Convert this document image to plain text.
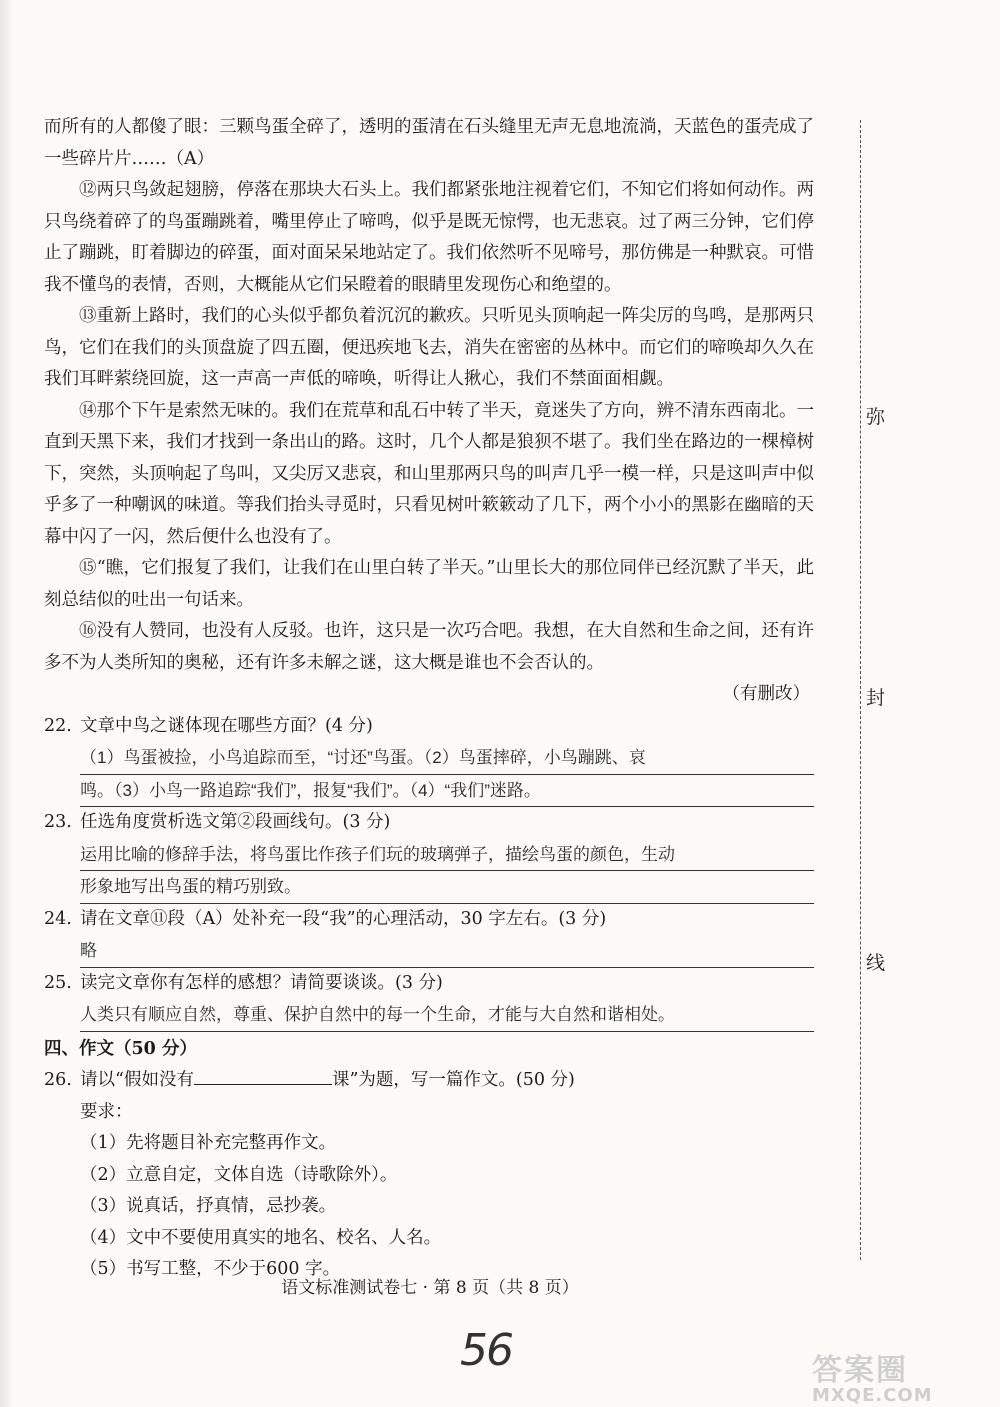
而所有的人都傻了眼：三颗鸟蛋全碎了，透明的蛋清在石头缝里无声无息地流淌，天蓝色的蛋壳成了一些碎片片……（A）

⑫两只鸟敛起翅膀，停落在那块大石头上。我们都紧张地注视着它们，不知它们将如何动作。两只鸟绕着碎了的鸟蛋蹦跳着，嘴里停止了啼鸣，似乎是既无惊愕，也无悲哀。过了两三分钟，它们停止了蹦跳，盯着脚边的碎蛋，面对面呆呆地站定了。我们依然听不见啼号，那仿佛是一种默哀。可惜我不懂鸟的表情，否则，大概能从它们呆瞪着的眼睛里发现伤心和绝望的。

⑬重新上路时，我们的心头似乎都负着沉沉的歉疚。只听见头顶响起一阵尖厉的鸟鸣，是那两只鸟，它们在我们的头顶盘旋了四五圈，便迅疾地飞去，消失在密密的丛林中。而它们的啼唤却久久在我们耳畔萦绕回旋，这一声高一声低的啼唤，听得让人揪心，我们不禁面面相觑。

⑭那个下午是索然无味的。我们在荒草和乱石中转了半天，竟迷失了方向，辨不清东西南北。一直到天黑下来，我们才找到一条出山的路。这时，几个人都是狼狈不堪了。我们坐在路边的一棵樟树下，突然，头顶响起了鸟叫，又尖厉又悲哀，和山里那两只鸟的叫声几乎一模一样，只是这叫声中似乎多了一种嘲讽的味道。等我们抬头寻觅时，只看见树叶簌簌动了几下，两个小小的黑影在幽暗的天幕中闪了一闪，然后便什么也没有了。

⑮“瞧，它们报复了我们，让我们在山里白转了半天。”山里长大的那位同伴已经沉默了半天，此刻总结似的吐出一句话来。

⑯没有人赞同，也没有人反驳。也许，这只是一次巧合吧。我想，在大自然和生命之间，还有许多不为人类所知的奥秘，还有许多未解之谜，这大概是谁也不会否认的。

（有删改）

22. 文章中鸟之谜体现在哪些方面？(4 分)

（1）鸟蛋被捡，小鸟追踪而至，“讨还”鸟蛋。（2）鸟蛋摔碎，小鸟蹦跳、哀
鸣。（3）小鸟一路追踪“我们”，报复“我们”。（4）“我们”迷路。

23. 任选角度赏析选文第②段画线句。(3 分)

运用比喻的修辞手法，将鸟蛋比作孩子们玩的玻璃弹子，描绘鸟蛋的颜色，生动
形象地写出鸟蛋的精巧别致。

24. 请在文章⑪段（A）处补充一段“我”的心理活动，30 字左右。(3 分)

略

25. 读完文章你有怎样的感想？请简要谈谈。(3 分)

人类只有顺应自然，尊重、保护自然中的每一个生命，才能与大自然和谐相处。

四、作文（50 分）

26. 请以“假如没有	课”为题，写一篇作文。(50 分)

要求：

（1）先将题目补充完整再作文。

（2）立意自定，文体自选（诗歌除外）。

（3）说真话，抒真情，忌抄袭。

（4）文中不要使用真实的地名、校名、人名。

（5）书写工整，不少于600 字。

语文标准测试卷七 · 第 8 页（共 8 页）
56
弥
封
线
答案圈
MXQE.COM
